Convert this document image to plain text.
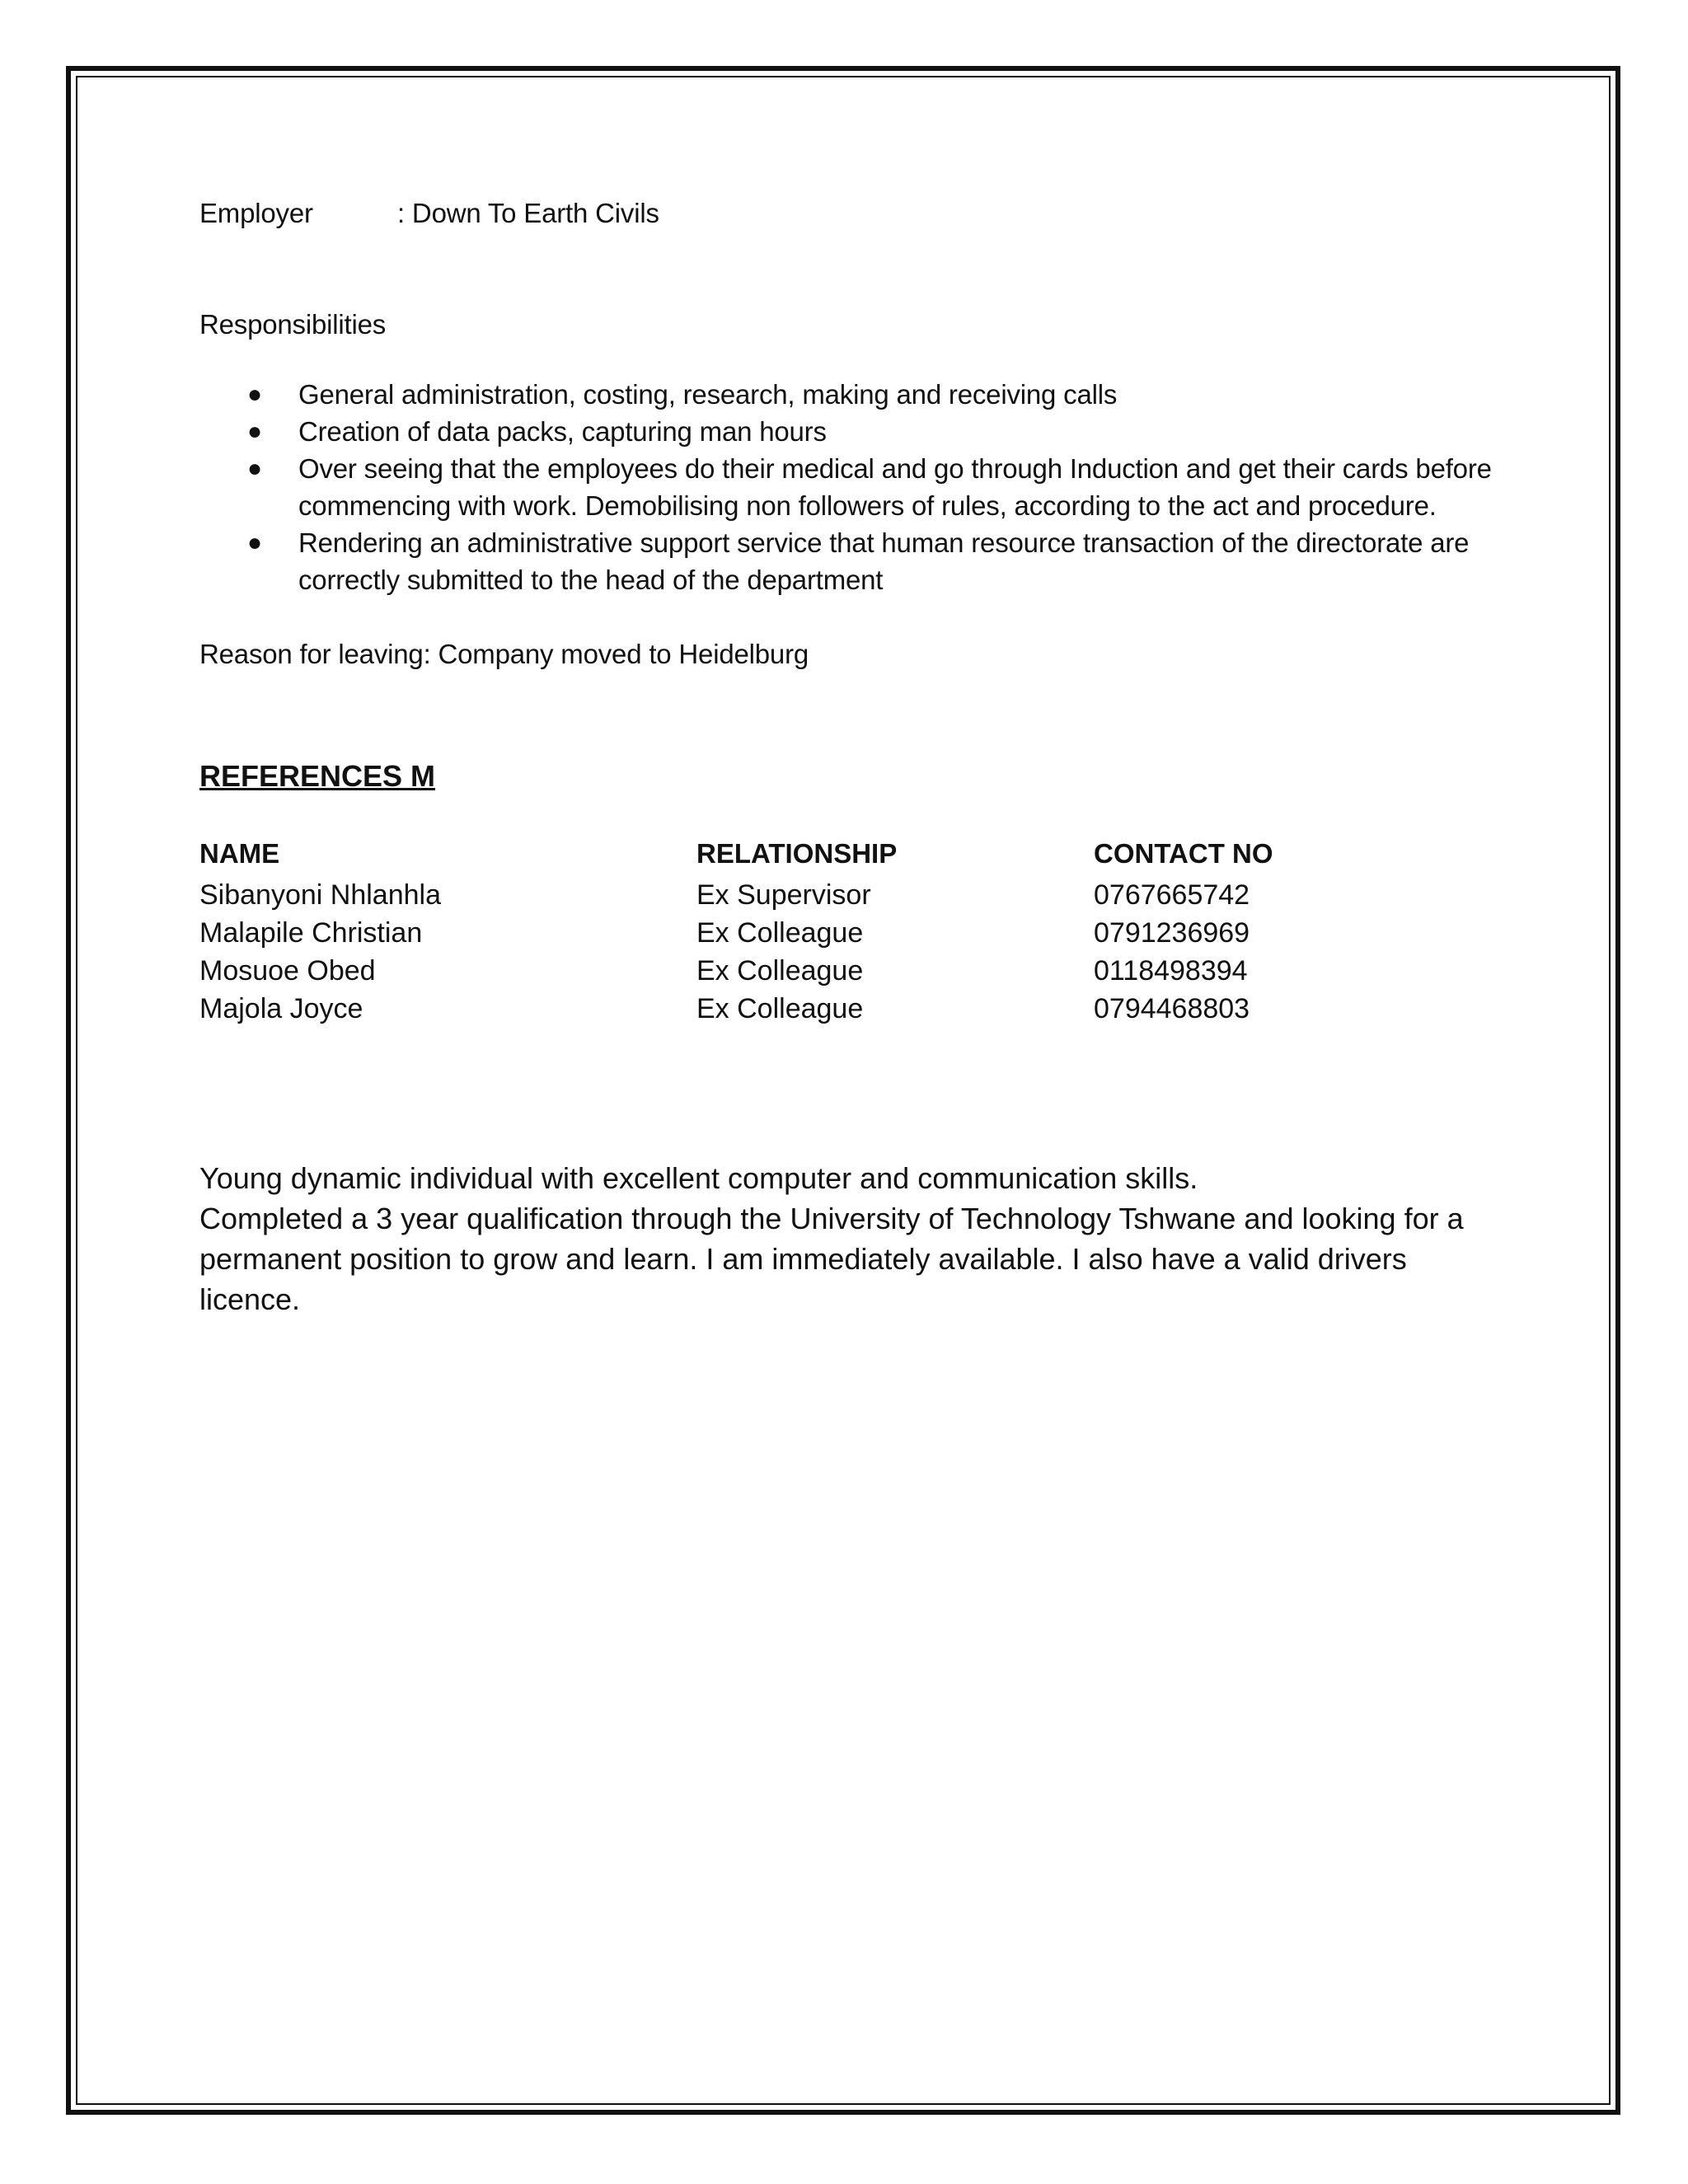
Employer	: Down To Earth Civils
Responsibilities
● General administration, costing, research, making and receiving calls
● Creation of data packs, capturing man hours
● Over seeing that the employees do their medical and go through Induction and get their cards before commencing with work. Demobilising non followers of rules, according to the act and procedure.
● Rendering an administrative support service that human resource transaction of the directorate are correctly submitted to the head of the department
Reason for leaving: Company moved to Heidelburg
REFERENCES M
NAME	RELATIONSHIP	CONTACT NO
Sibanyoni Nhlanhla	Ex Supervisor	0767665742
Malapile Christian	Ex Colleague	0791236969
Mosuoe Obed	Ex Colleague	0118498394
Majola Joyce	Ex Colleague	0794468803
Young dynamic individual with excellent computer and communication skills.
Completed a 3 year qualification through the University of Technology Tshwane and looking for a permanent position to grow and learn. I am immediately available. I also have a valid drivers licence.
